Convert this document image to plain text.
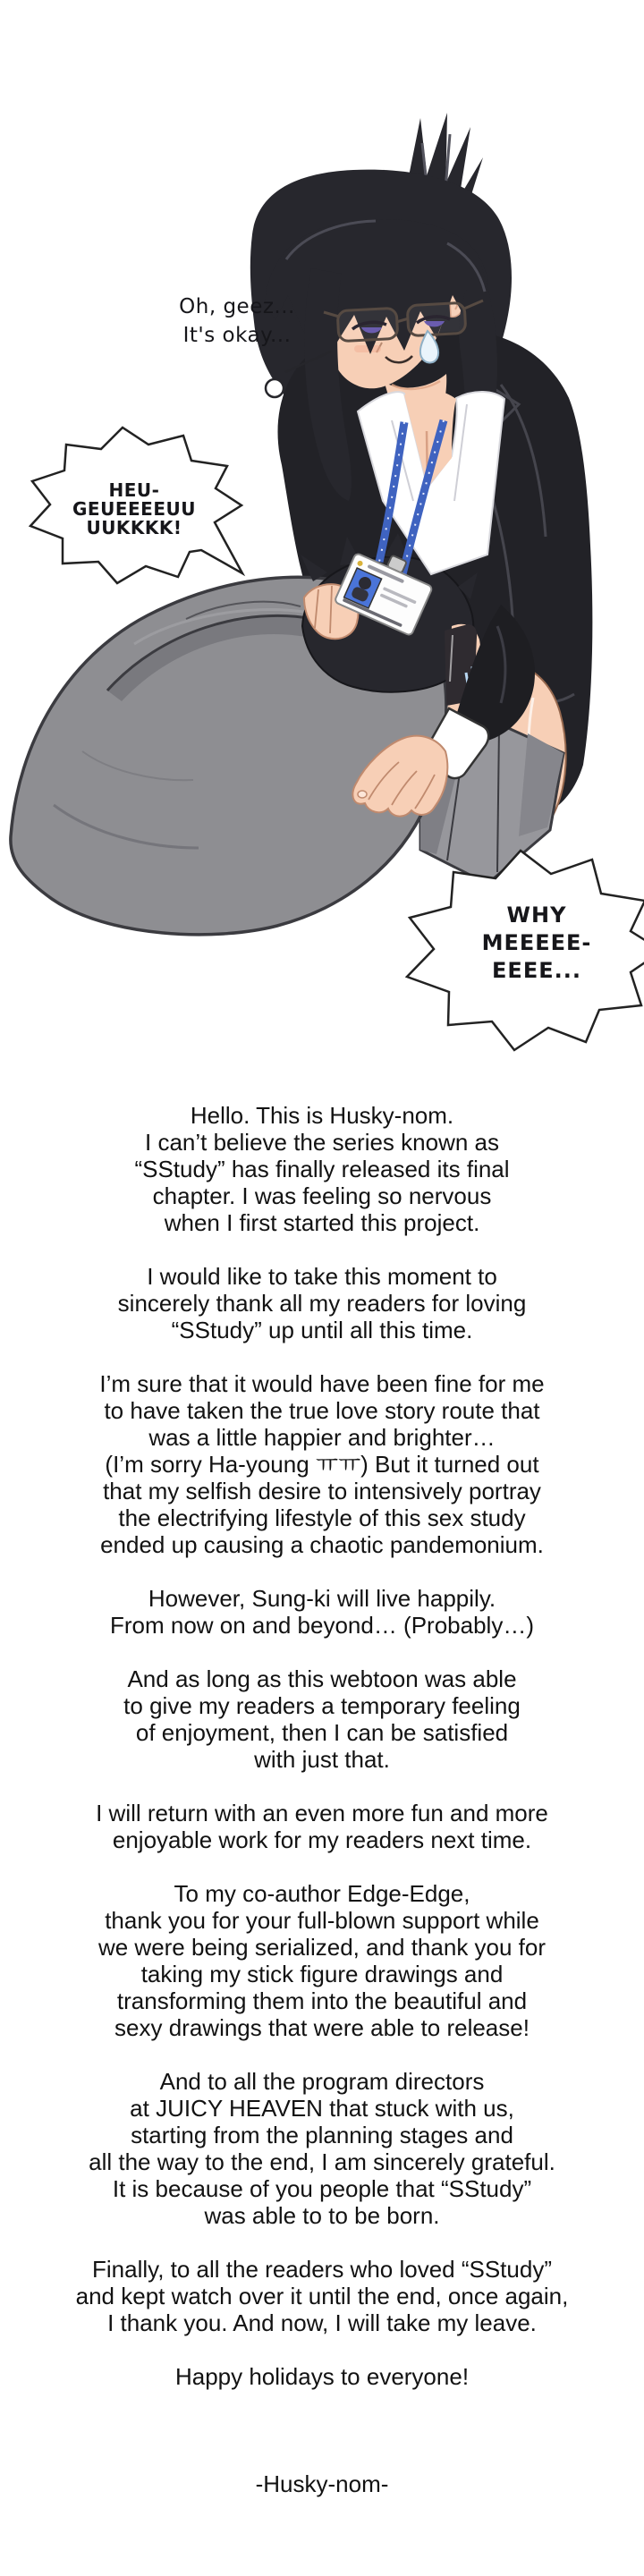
Oh, geez...
It's okay...
HEU-
GEUEEEEUU
UUKKKK!
WHY
MEEEEE-
EEEE...
Hello. This is Husky-nom.
I can’t believe the series known as
“SStudy” has finally released its final
chapter. I was feeling so nervous
when I first started this project.
I would like to take this moment to
sincerely thank all my readers for loving
“SStudy” up until all this time.
I’m sure that it would have been fine for me
to have taken the true love story route that
was a little happier and brighter…
(I’m sorry Ha-young ㅠㅠ) But it turned out
that my selfish desire to intensively portray
the electrifying lifestyle of this sex study
ended up causing a chaotic pandemonium.
However, Sung-ki will live happily.
From now on and beyond… (Probably…)
And as long as this webtoon was able
to give my readers a temporary feeling
of enjoyment, then I can be satisfied
with just that.
I will return with an even more fun and more
enjoyable work for my readers next time.
To my co-author Edge-Edge,
thank you for your full-blown support while
we were being serialized, and thank you for
taking my stick figure drawings and
transforming them into the beautiful and
sexy drawings that were able to release!
And to all the program directors
at JUICY HEAVEN that stuck with us,
starting from the planning stages and
all the way to the end, I am sincerely grateful.
It is because of you people that “SStudy”
was able to to be born.
Finally, to all the readers who loved “SStudy”
and kept watch over it until the end, once again,
I thank you. And now, I will take my leave.
Happy holidays to everyone!
-Husky-nom-
